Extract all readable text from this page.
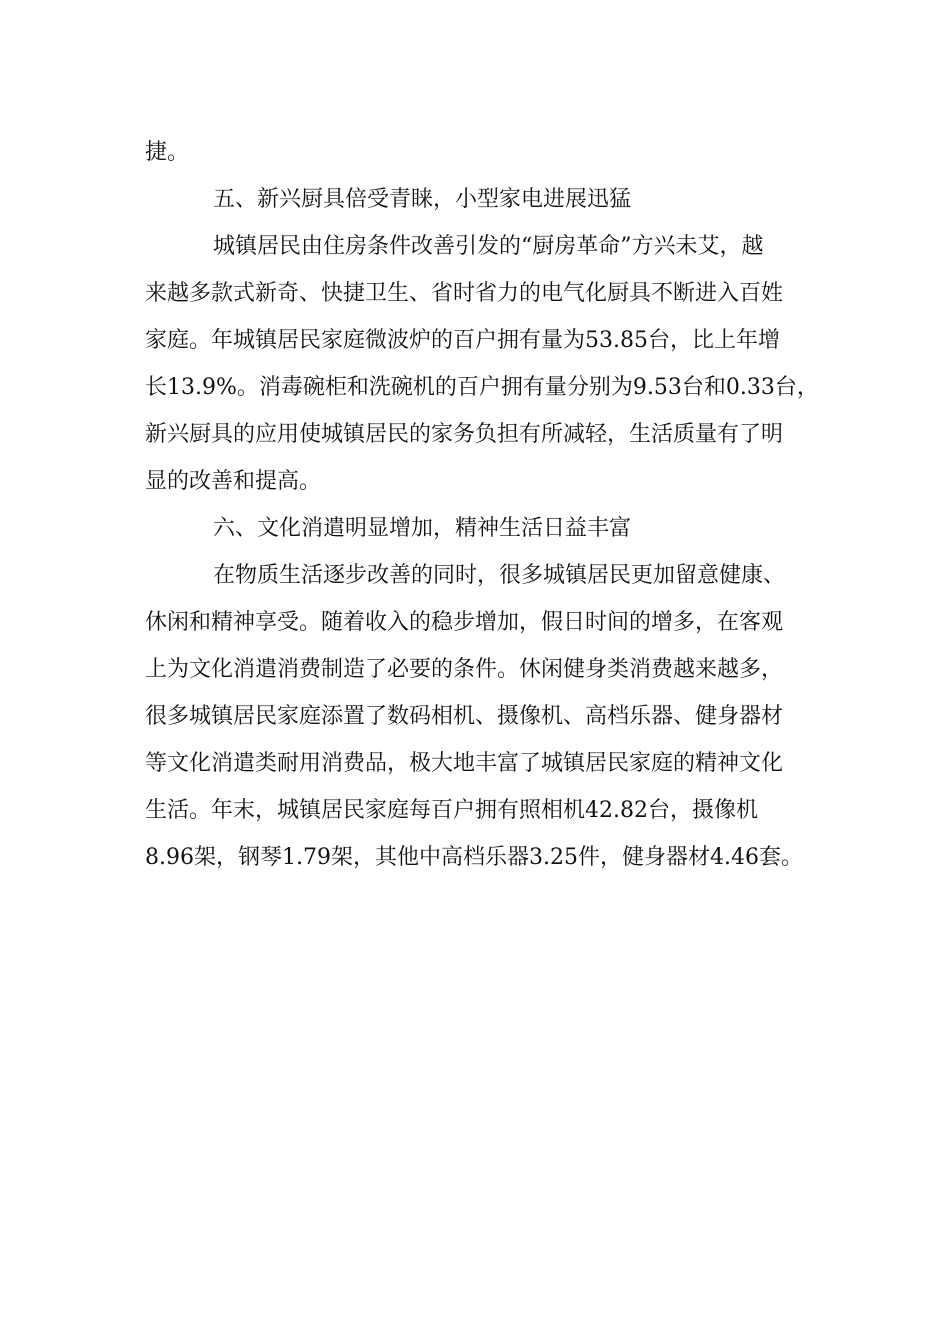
捷。
五、新兴厨具倍受青睐，小型家电进展迅猛
城镇居民由住房条件改善引发的“厨房革命”方兴未艾，越
来越多款式新奇、快捷卫生、省时省力的电气化厨具不断进入百姓
家庭。年城镇居民家庭微波炉的百户拥有量为53.85台，比上年增
长13.9%。消毒碗柜和洗碗机的百户拥有量分别为9.53台和0.33台，
新兴厨具的应用使城镇居民的家务负担有所减轻，生活质量有了明
显的改善和提高。
六、文化消遣明显增加，精神生活日益丰富
在物质生活逐步改善的同时，很多城镇居民更加留意健康、
休闲和精神享受。随着收入的稳步增加，假日时间的增多，在客观
上为文化消遣消费制造了必要的条件。休闲健身类消费越来越多，
很多城镇居民家庭添置了数码相机、摄像机、高档乐器、健身器材
等文化消遣类耐用消费品，极大地丰富了城镇居民家庭的精神文化
生活。年末，城镇居民家庭每百户拥有照相机42.82台，摄像机
8.96架，钢琴1.79架，其他中高档乐器3.25件，健身器材4.46套。
